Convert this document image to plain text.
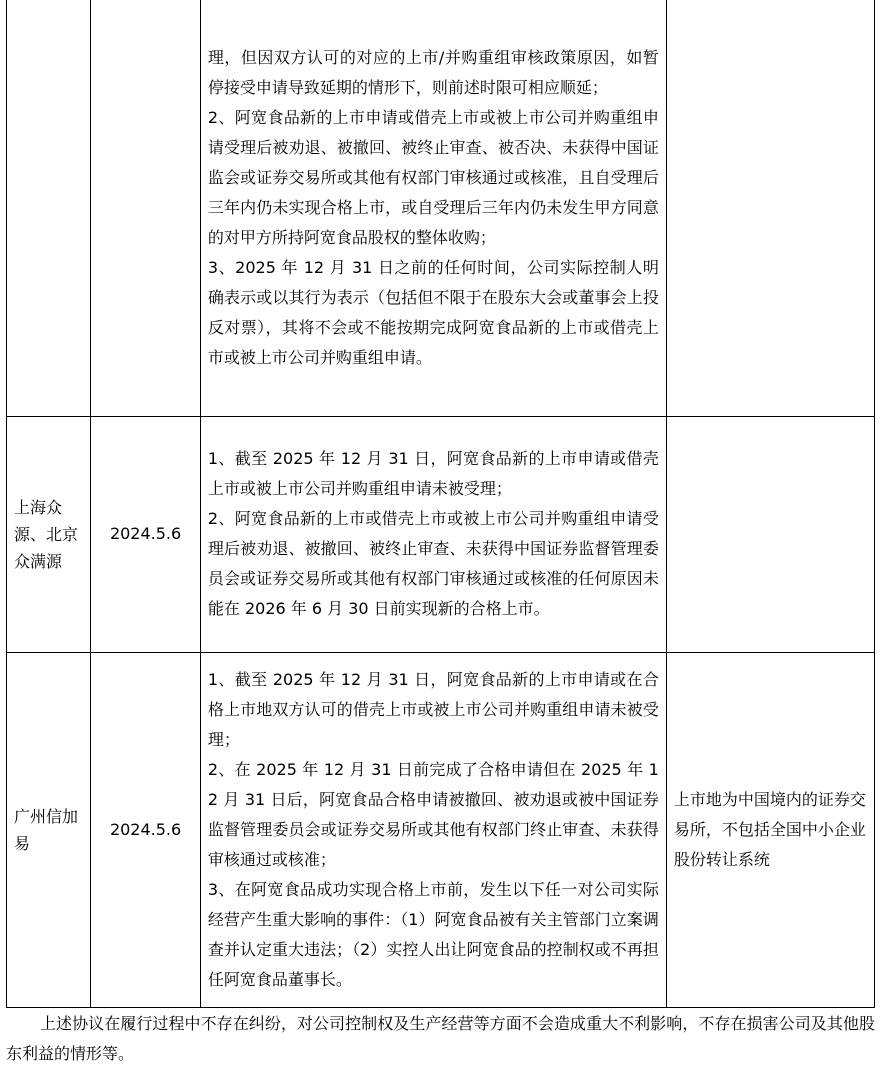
		理，但因双方认可的对应的上市/并购重组审核政策原因，如暂停接受申请导致延期的情形下，则前述时限可相应顺延；
2、阿宽食品新的上市申请或借壳上市或被上市公司并购重组申请受理后被劝退、被撤回、被终止审查、被否决、未获得中国证监会或证券交易所或其他有权部门审核通过或核准，且自受理后三年内仍未实现合格上市，或自受理后三年内仍未发生甲方同意的对甲方所持阿宽食品股权的整体收购；
3、2025 年 12 月 31 日之前的任何时间，公司实际控制人明确表示或以其行为表示（包括但不限于在股东大会或董事会上投反对票），其将不会或不能按期完成阿宽食品新的上市或借壳上市或被上市公司并购重组申请。	

上海众源、北京众满源	2024.5.6	1、截至 2025 年 12 月 31 日，阿宽食品新的上市申请或借壳上市或被上市公司并购重组申请未被受理；
2、阿宽食品新的上市或借壳上市或被上市公司并购重组申请受理后被劝退、被撤回、被终止审查、未获得中国证券监督管理委员会或证券交易所或其他有权部门审核通过或核准的任何原因未能在 2026 年 6 月 30 日前实现新的合格上市。	

广州信加易	2024.5.6	1、截至 2025 年 12 月 31 日，阿宽食品新的上市申请或在合格上市地双方认可的借壳上市或被上市公司并购重组申请未被受理；
2、在 2025 年 12 月 31 日前完成了合格申请但在 2025 年 12 月 31 日后，阿宽食品合格申请被撤回、被劝退或被中国证券监督管理委员会或证券交易所或其他有权部门终止审查、未获得审核通过或核准；
3、在阿宽食品成功实现合格上市前，发生以下任一对公司实际经营产生重大影响的事件：（1）阿宽食品被有关主管部门立案调查并认定重大违法；（2）实控人出让阿宽食品的控制权或不再担任阿宽食品董事长。	上市地为中国境内的证券交易所，不包括全国中小企业股份转让系统

上述协议在履行过程中不存在纠纷，对公司控制权及生产经营等方面不会造成重大不利影响，不存在损害公司及其他股东利益的情形等。
